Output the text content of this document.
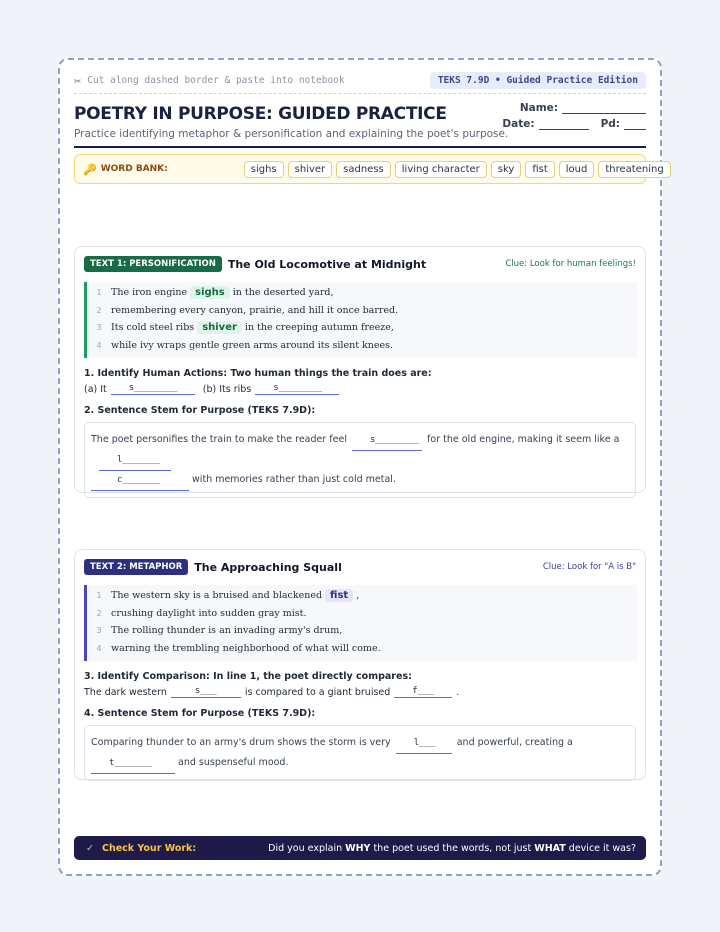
✂ Cut along dashed border & paste into notebook	TEKS 7.9D • Guided Practice Edition
POETRY IN PURPOSE: GUIDED PRACTICE
Practice identifying metaphor & personification and explaining the poet's purpose.
Name:
Date:	Pd:
🔑 WORD BANK:	sighs	shiver	sadness	living character	sky	fist	loud	threatening
TEXT 1: PERSONIFICATION	The Old Locomotive at Midnight	Clue: Look for human feelings!
1 The iron engine sighs in the deserted yard,
2 remembering every canyon, prairie, and hill it once barred.
3 Its cold steel ribs shiver in the creeping autumn freeze,
4 while ivy wraps gentle green arms around its silent knees.
1. Identify Human Actions: Two human things the train does are:
(a) It	s________	(b) Its ribs	s________
2. Sentence Stem for Purpose (TEKS 7.9D):
The poet personifies the train to make the reader feel	s________ for the old engine, making it seem like a l_______
c_______	with memories rather than just cold metal.
TEXT 2: METAPHOR	The Approaching Squall	Clue: Look for "A is B"
1 The western sky is a bruised and blackened fist ,
2 crushing daylight into sudden gray mist.
3 The rolling thunder is an invading army's drum,
4 warning the trembling neighborhood of what will come.
3. Identify Comparison: In line 1, the poet directly compares:
The dark western	s___	is compared to a giant bruised	f___	.
4. Sentence Stem for Purpose (TEKS 7.9D):
Comparing thunder to an army's drum shows the storm is very	l___ and powerful, creating a
t_______	and suspenseful mood.
✓ Check Your Work:	Did you explain WHY the poet used the words, not just WHAT device it was?
